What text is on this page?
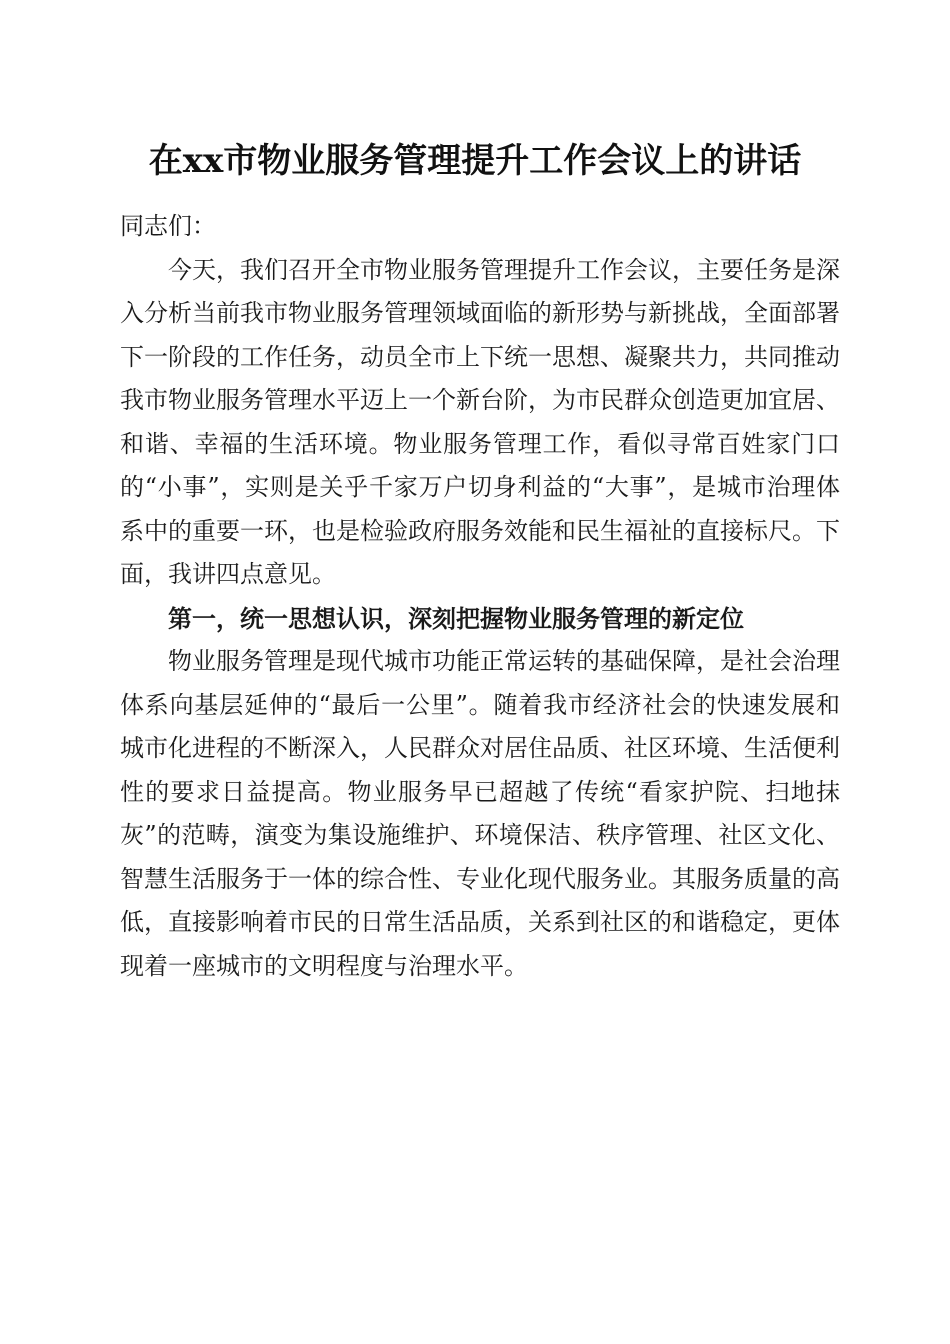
在xx市物业服务管理提升工作会议上的讲话

同志们：

今天，我们召开全市物业服务管理提升工作会议，主要任务是深入分析当前我市物业服务管理领域面临的新形势与新挑战，全面部署下一阶段的工作任务，动员全市上下统一思想、凝聚共力，共同推动我市物业服务管理水平迈上一个新台阶，为市民群众创造更加宜居、和谐、幸福的生活环境。物业服务管理工作，看似寻常百姓家门口的“小事”，实则是关乎千家万户切身利益的“大事”，是城市治理体系中的重要一环，也是检验政府服务效能和民生福祉的直接标尺。下面，我讲四点意见。

第一，统一思想认识，深刻把握物业服务管理的新定位

物业服务管理是现代城市功能正常运转的基础保障，是社会治理体系向基层延伸的“最后一公里”。随着我市经济社会的快速发展和城市化进程的不断深入，人民群众对居住品质、社区环境、生活便利性的要求日益提高。物业服务早已超越了传统“看家护院、扫地抹灰”的范畴，演变为集设施维护、环境保洁、秩序管理、社区文化、智慧生活服务于一体的综合性、专业化现代服务业。其服务质量的高低，直接影响着市民的日常生活品质，关系到社区的和谐稳定，更体现着一座城市的文明程度与治理水平。
